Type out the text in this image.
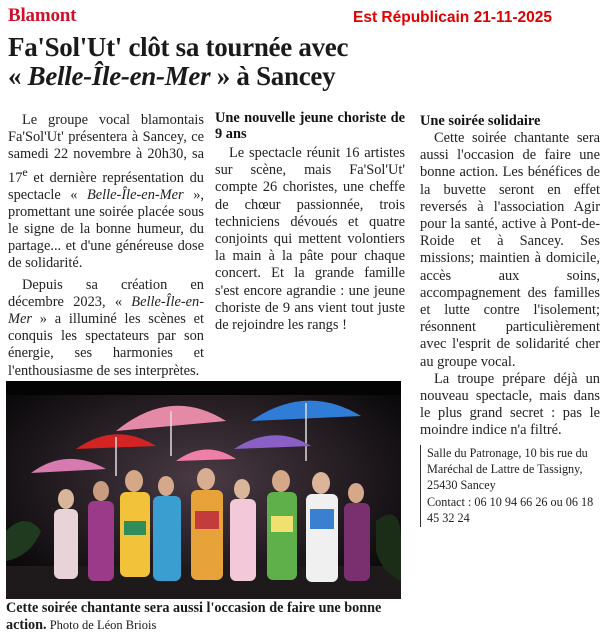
Blamont	Est Républicain 21-11-2025
Fa'Sol'Ut' clôt sa tournée avec
« Belle-Île-en-Mer » à Sancey

Le groupe vocal blamontais Fa'Sol'Ut' présentera à Sancey, ce samedi 22 novembre à 20h30, sa 17e et dernière représentation du spectacle « Belle-Île-en-Mer », promettant une soirée placée sous le signe de la bonne humeur, du partage... et d'une généreuse dose de solidarité.

Depuis sa création en décembre 2023, « Belle-Île-en-Mer » a illuminé les scènes et conquis les spectateurs par son énergie, ses harmonies et l'enthousiasme de ses interprètes.

Une nouvelle jeune choriste de 9 ans

Le spectacle réunit 16 artistes sur scène, mais Fa'Sol'Ut' compte 26 choristes, une cheffe de chœur passionnée, trois techniciens dévoués et quatre conjoints qui mettent volontiers la main à la pâte pour chaque concert. Et la grande famille s'est encore agrandie : une jeune choriste de 9 ans vient tout juste de rejoindre les rangs !

Une soirée solidaire

Cette soirée chantante sera aussi l'occasion de faire une bonne action. Les bénéfices de la buvette seront en effet reversés à l'association Agir pour la santé, active à Pont-de-Roide et à Sancey. Ses missions; maintien à domicile, accès aux soins, accompagnement des familles et lutte contre l'isolement; résonnent particulièrement avec l'esprit de solidarité cher au groupe vocal.

La troupe prépare déjà un nouveau spectacle, mais dans le plus grand secret : pas le moindre indice n'a filtré.

Salle du Patronage, 10 bis rue du Maréchal de Lattre de Tassigny, 25430 Sancey

Contact : 06 10 94 66 26 ou 06 18 45 32 24

Cette soirée chantante sera aussi l'occasion de faire une bonne action. Photo de Léon Briois
